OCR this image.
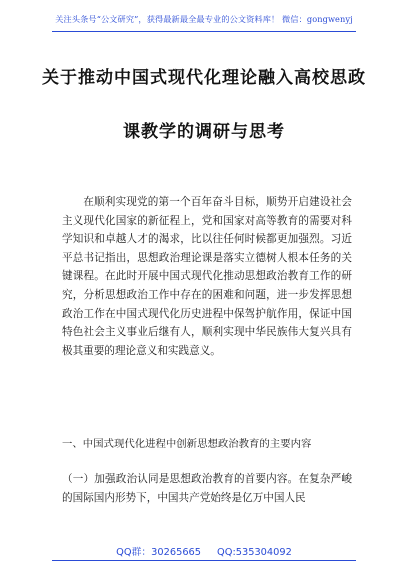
关注头条号“公文研究”，获得最新最全最专业的公文资料库！ 微信：gongwenyj
关于推动中国式现代化理论融入高校思政
课教学的调研与思考
在顺利实现党的第一个百年奋斗目标，顺势开启建设社会主义现代化国家的新征程上，党和国家对高等教育的需要对科学知识和卓越人才的渴求，比以往任何时候都更加强烈。习近平总书记指出，思想政治理论课是落实立德树人根本任务的关键课程。在此时开展中国式现代化推动思想政治教育工作的研究，分析思想政治工作中存在的困难和问题，进一步发挥思想政治工作在中国式现代化历史进程中保驾护航作用，保证中国特色社会主义事业后继有人，顺利实现中华民族伟大复兴具有极其重要的理论意义和实践意义。
一、中国式现代化进程中创新思想政治教育的主要内容
（一）加强政治认同是思想政治教育的首要内容。在复杂严峻的国际国内形势下，中国共产党始终是亿万中国人民
QQ群：30265665 QQ:535304092
